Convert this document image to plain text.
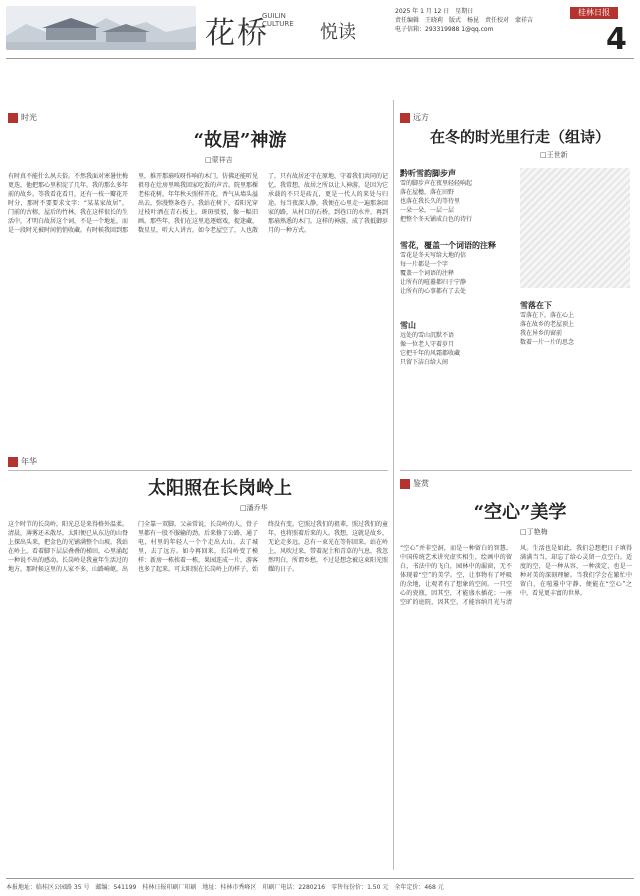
花桥
GUILIN CULTURE 悦读
2025 年 1 月 12 日　星期日
责任编辑　王晓莉　版式　杨昆　责任校对　蒙祥吉
电子信箱：293319988 1@qq.com
桂林日报
4
时光
“故居”神游
□蒙祥吉
有时真不能什么夙夫俗。不然我面对寒暑往梅更迭，他把那心里积淀了几年，我的那么多年前的故乡。等我看花看月，还有一枝一瓣花开时分，那时不要要求文字：“某某家故居”，门前的古榕，屋后的竹林，我在这样很长的生活中，才明白故居这个词，不是一个地址，而是一段时光被时间悄悄收藏。有时候我回到那里，推开那扇吱呀作响的木门，仿佛还能听见祖母在灶房里唤我回家吃饭的声音。院里那棵老桂花树，年年秋天照样开花，香气从墙头溢出去，弥漫整条巷子。我站在树下，看阳光穿过枝叶洒在青石板上，斑斑驳驳，像一幅旧画。那些年，我们在这里追逐嬉戏，捉迷藏，数星星，听大人讲古。如今老屋空了，人也散了，只有故居还守在原地，守着我们共同的记忆。我常想，故居之所以让人神游，是因为它承载的不只是砖瓦，更是一代人的来处与归途。每当夜深人静，我便在心里走一遍那条回家的路，从村口的石桥，到巷口的水井，再到那扇熟悉的木门。这样的神游，成了我抵御岁月的一种方式。
年华
太阳照在长岗岭上
□潘乔华
这个时节的长岗岭，阳光总是来得格外温柔。清晨，薄雾还未散尽，太阳便已从东边的山脊上探出头来，把金色的光铺满整个山坡。我站在岭上，看着脚下层层叠叠的梯田，心里涌起一种说不出的感动。长岗岭是我童年生活过的地方，那时候这里的人家不多，山路崎岖，出门全靠一双脚。父亲常说，长岗岭的人，骨子里都有一股不服输的劲。后来修了公路，通了电，村里的年轻人一个个走出大山，去了城里，去了远方。如今再回来，长岗岭变了模样：新房一栋挨着一栋，果园连成一片，游客也多了起来。可太阳照在长岗岭上的样子，始终没有变。它照过我们的祖辈，照过我们的童年，也将照着后来的人。我想，这就是故乡，无论走多远，总有一束光在等你回来。站在岭上，风吹过来，带着泥土和青草的气息，我忽然明白，所谓乡愁，不过是想念被这束阳光照耀的日子。
远方
在冬的时光里行走（组诗）
□王世新
黔听雪韵脚步声
雪的脚步声在夜里轻轻响起
落在屋檐，落在田野
也落在我长久的等待里
一朵一朵，一层一层
把整个冬天铺成白色的诗行
雪花，覆盖一个词语的注释
雪花是冬天写给大地的信
每一片都是一个字
覆盖一个词语的注释
让所有的喧嚣都归于宁静
让所有的心事都有了去处
雪山
远处的雪山沉默不语
像一位老人守着岁月
它把千年的风霜都收藏
只留下洁白给人间
雪落在下
雪落在下，落在心上
落在故乡的老屋顶上
我在异乡的窗前
数着一片一片的思念
鉴赏
“空心”美学
□丁艳梅
“空心”并非空洞，而是一种留白的智慧。中国传统艺术讲究虚实相生，绘画中的留白，书法中的飞白，园林中的漏窗，无不体现着“空”的美学。空，让事物有了呼吸的余地，让观者有了想象的空间。一只空心的瓷瓶，因其空，才能盛水插花；一座空旷的庭院，因其空，才能容纳月光与清风。生活也是如此，我们总想把日子填得满满当当，却忘了给心灵留一点空白。适度的空，是一种从容，一种淡定，也是一种对美的深刻理解。当我们学会在繁忙中留白，在喧嚣中守静，便能在“空心”之中，看见更丰富的世界。
本报地址：临桂区公园路 35 号　邮编：541199　桂林日报印刷厂印刷　地址：桂林市秀峰区　印刷厂电话：2280216　零售每份价：1.50 元　全年定价：468 元
